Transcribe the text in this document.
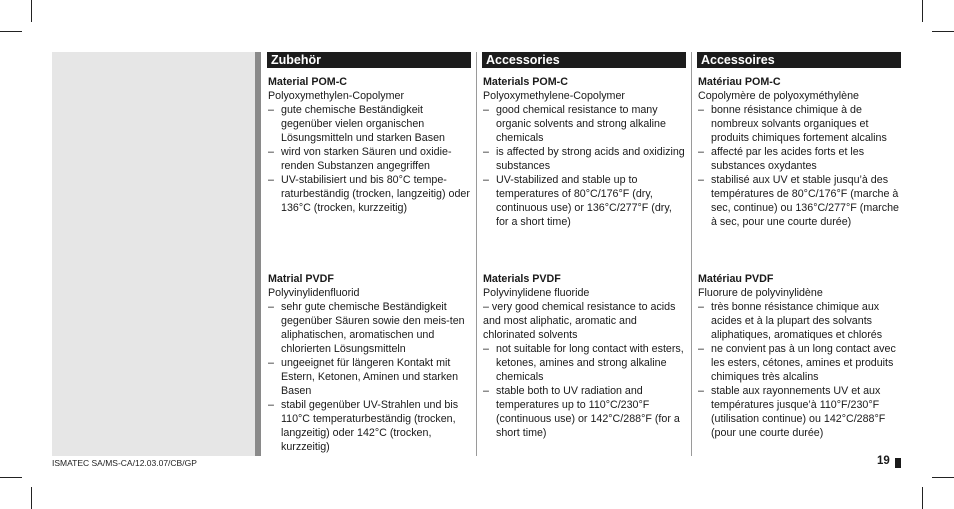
Zubehör	Accessories	Accessoires
Material POM-C
Polyoxymethylen-Copolymer
– gute chemische Beständigkeit gegenüber vielen organischen Lösungsmitteln und starken Basen
– wird von starken Säuren und oxidie-renden Substanzen angegriffen
– UV-stabilisiert und bis 80°C tempe-raturbeständig (trocken, langzeitig) oder 136°C (trocken, kurzzeitig)
Matrial PVDF
Polyvinylidenfluorid
– sehr gute chemische Beständigkeit gegenüber Säuren sowie den meis-ten aliphatischen, aromatischen und chlorierten Lösungsmitteln
– ungeeignet für längeren Kontakt mit Estern, Ketonen, Aminen und starken Basen
– stabil gegenüber UV-Strahlen und bis 110°C temperaturbeständig (trocken, langzeitig) oder 142°C (trocken, kurzzeitig)
Materials POM-C
Polyoxymethylene-Copolymer
– good chemical resistance to many organic solvents and strong alkaline chemicals
– is affected by strong acids and oxidizing substances
– UV-stabilized and stable up to temperatures of 80°C/176°F (dry, continuous use) or 136°C/277°F (dry, for a short time)
Materials PVDF
Polyvinylidene fluoride
– very good chemical resistance to acids and most aliphatic, aromatic and chlorinated solvents
– not suitable for long contact with esters, ketones, amines and strong alkaline chemicals
– stable both to UV radiation and temperatures up to 110°C/230°F (continuous use) or 142°C/288°F (for a short time)
Matériau POM-C
Copolymère de polyoxyméthylène
– bonne résistance chimique à de nombreux solvants organiques et produits chimiques fortement alcalins
– affecté par les acides forts et les substances oxydantes
– stabilisé aux UV et stable jusqu’à des températures de 80°C/176°F (marche à sec, continue) ou 136°C/277°F (marche à sec, pour une courte durée)
Matériau PVDF
Fluorure de polyvinylidène
– très bonne résistance chimique aux acides et à la plupart des solvants aliphatiques, aromatiques et chlorés
– ne convient pas à un long contact avec les esters, cétones, amines et produits chimiques très alcalins
– stable aux rayonnements UV et aux températures jusque’à 110°F/230°F (utilisation continue) ou 142°C/288°F (pour une courte durée)
ISMATEC SA/MS-CA/12.03.07/CB/GP	19
